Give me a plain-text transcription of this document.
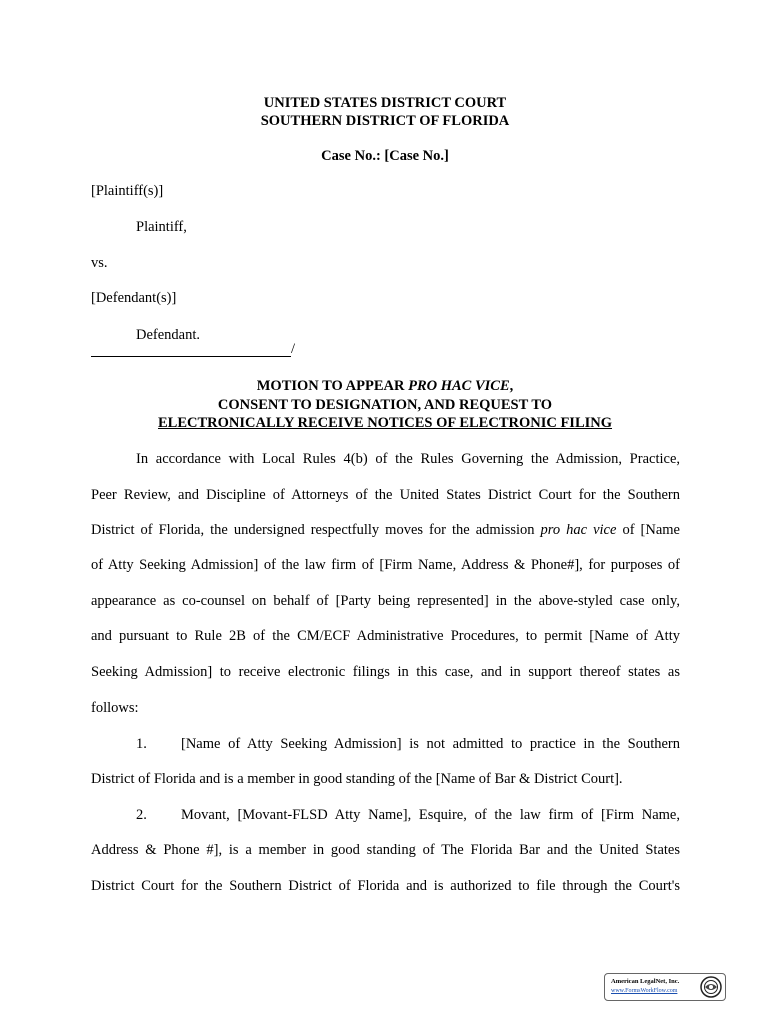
UNITED STATES DISTRICT COURT
SOUTHERN DISTRICT OF FLORIDA
Case No.: [Case No.]
[Plaintiff(s)]
Plaintiff,
vs.
[Defendant(s)]
Defendant.
/
MOTION TO APPEAR PRO HAC VICE,
CONSENT TO DESIGNATION, AND REQUEST TO
ELECTRONICALLY RECEIVE NOTICES OF ELECTRONIC FILING
In accordance with Local Rules 4(b) of the Rules Governing the Admission, Practice,
Peer Review, and Discipline of Attorneys of the United States District Court for the Southern
District of Florida, the undersigned respectfully moves for the admission pro hac vice of [Name
of Atty Seeking Admission] of the law firm of [Firm Name, Address & Phone#], for purposes of
appearance as co-counsel on behalf of [Party being represented] in the above-styled case only,
and pursuant to Rule 2B of the CM/ECF Administrative Procedures, to permit [Name of Atty
Seeking Admission] to receive electronic filings in this case, and in support thereof states as
follows:
1. [Name of Atty Seeking Admission] is not admitted to practice in the Southern
District of Florida and is a member in good standing of the [Name of Bar & District Court].
2. Movant, [Movant-FLSD Atty Name], Esquire, of the law firm of [Firm Name,
Address & Phone #], is a member in good standing of The Florida Bar and the United States
District Court for the Southern District of Florida and is authorized to file through the Court's
American LegalNet, Inc.
www.FormsWorkFlow.com
